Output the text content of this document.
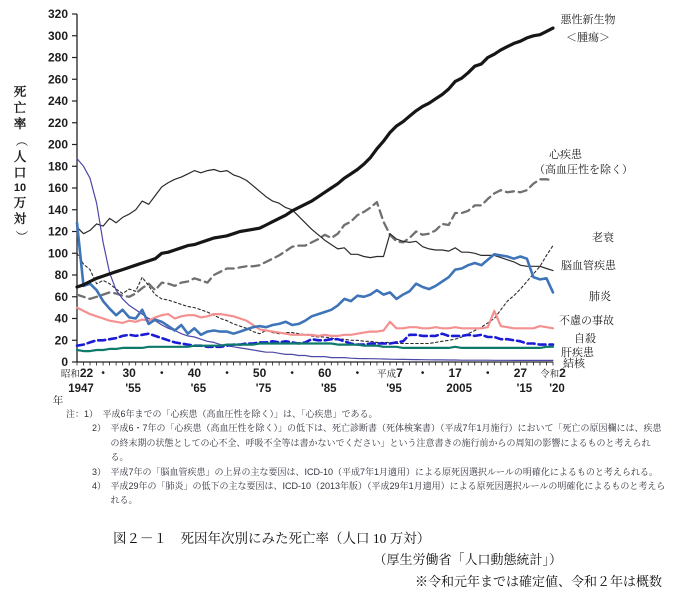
0
20
40
60
80
100
120
140
160
180
200
220
240
260
280
300
320
昭和22 ・ 30 ・ 40 ・ 50 ・ 60 ・ 平成7 ・ 17 ・ 27 令和2
1947	'55	'65	'75	'85	'95	2005	'15 '20
年
悪性新生物
＜腫瘍＞
心疾患
（高血圧性を除く）
老衰
脳血管疾患
肺炎
不慮の事故
自殺
肝疾患
結核
死
亡
率
（
人
口
10
万
対
）
注：1）　 平成6年までの「心疾患（高血圧性を除く）」は、「心疾患」である。
2）　 平成6・7年の「心疾患（高血圧性を除く）」の低下は、死亡診断書（死体検案書）（平成7年1月施行）において「死亡の原因欄には、疾患の終末期の状態としての心不全、呼吸不全等は書かないでください」という注意書きの施行前からの周知の影響によるものと考えられる。
3）　 平成7年の「脳血管疾患」の上昇の主な要因は、ICD-10（平成7年1月適用）による原死因選択ルールの明確化によるものと考えられる。
4）　 平成29年の「肺炎」の低下の主な要因は、ICD-10（2013年版）（平成29年1月適用）による原死因選択ルールの明確化によるものと考えられる。
図２－１　死因年次別にみた死亡率（人口 10 万対）
（厚生労働省「人口動態統計」）
※令和元年までは確定値、令和２年は概数
